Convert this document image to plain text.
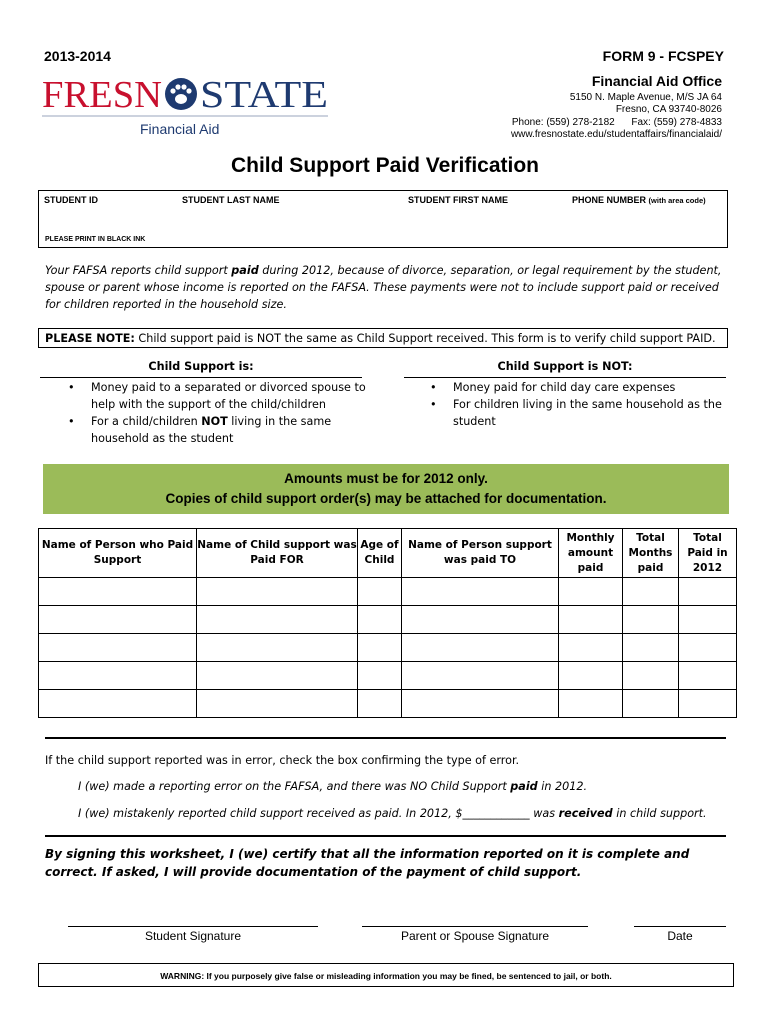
2013-2014	FORM 9 - FCSPEY
FRESN STATE
Financial Aid
Financial Aid Office
5150 N. Maple Avenue, M/S JA 64
Fresno, CA 93740-8026
Phone: (559) 278-2182      Fax: (559) 278-4833
www.fresnostate.edu/studentaffairs/financialaid/
Child Support Paid Verification
STUDENT ID	STUDENT LAST NAME	STUDENT FIRST NAME	PHONE NUMBER (with area code)
PLEASE PRINT IN BLACK INK
Your FAFSA reports child support paid during 2012, because of divorce, separation, or legal requirement by the student, spouse or parent whose income is reported on the FAFSA. These payments were not to include support paid or received for children reported in the household size.
PLEASE NOTE: Child support paid is NOT the same as Child Support received. This form is to verify child support PAID.
Child Support is:
• Money paid to a separated or divorced spouse to help with the support of the child/children
• For a child/children NOT living in the same household as the student
Child Support is NOT:
• Money paid for child day care expenses
• For children living in the same household as the student
Amounts must be for 2012 only.
Copies of child support order(s) may be attached for documentation.
Name of Person who Paid Support	Name of Child support was Paid FOR	Age of Child	Name of Person support was paid TO	Monthly amount paid	Total Months paid	Total Paid in 2012

If the child support reported was in error, check the box confirming the type of error.
I (we) made a reporting error on the FAFSA, and there was NO Child Support paid in 2012.
I (we) mistakenly reported child support received as paid. In 2012, $____________ was received in child support.
By signing this worksheet, I (we) certify that all the information reported on it is complete and correct. If asked, I will provide documentation of the payment of child support.
Student Signature	Parent or Spouse Signature	Date
WARNING: If you purposely give false or misleading information you may be fined, be sentenced to jail, or both.
